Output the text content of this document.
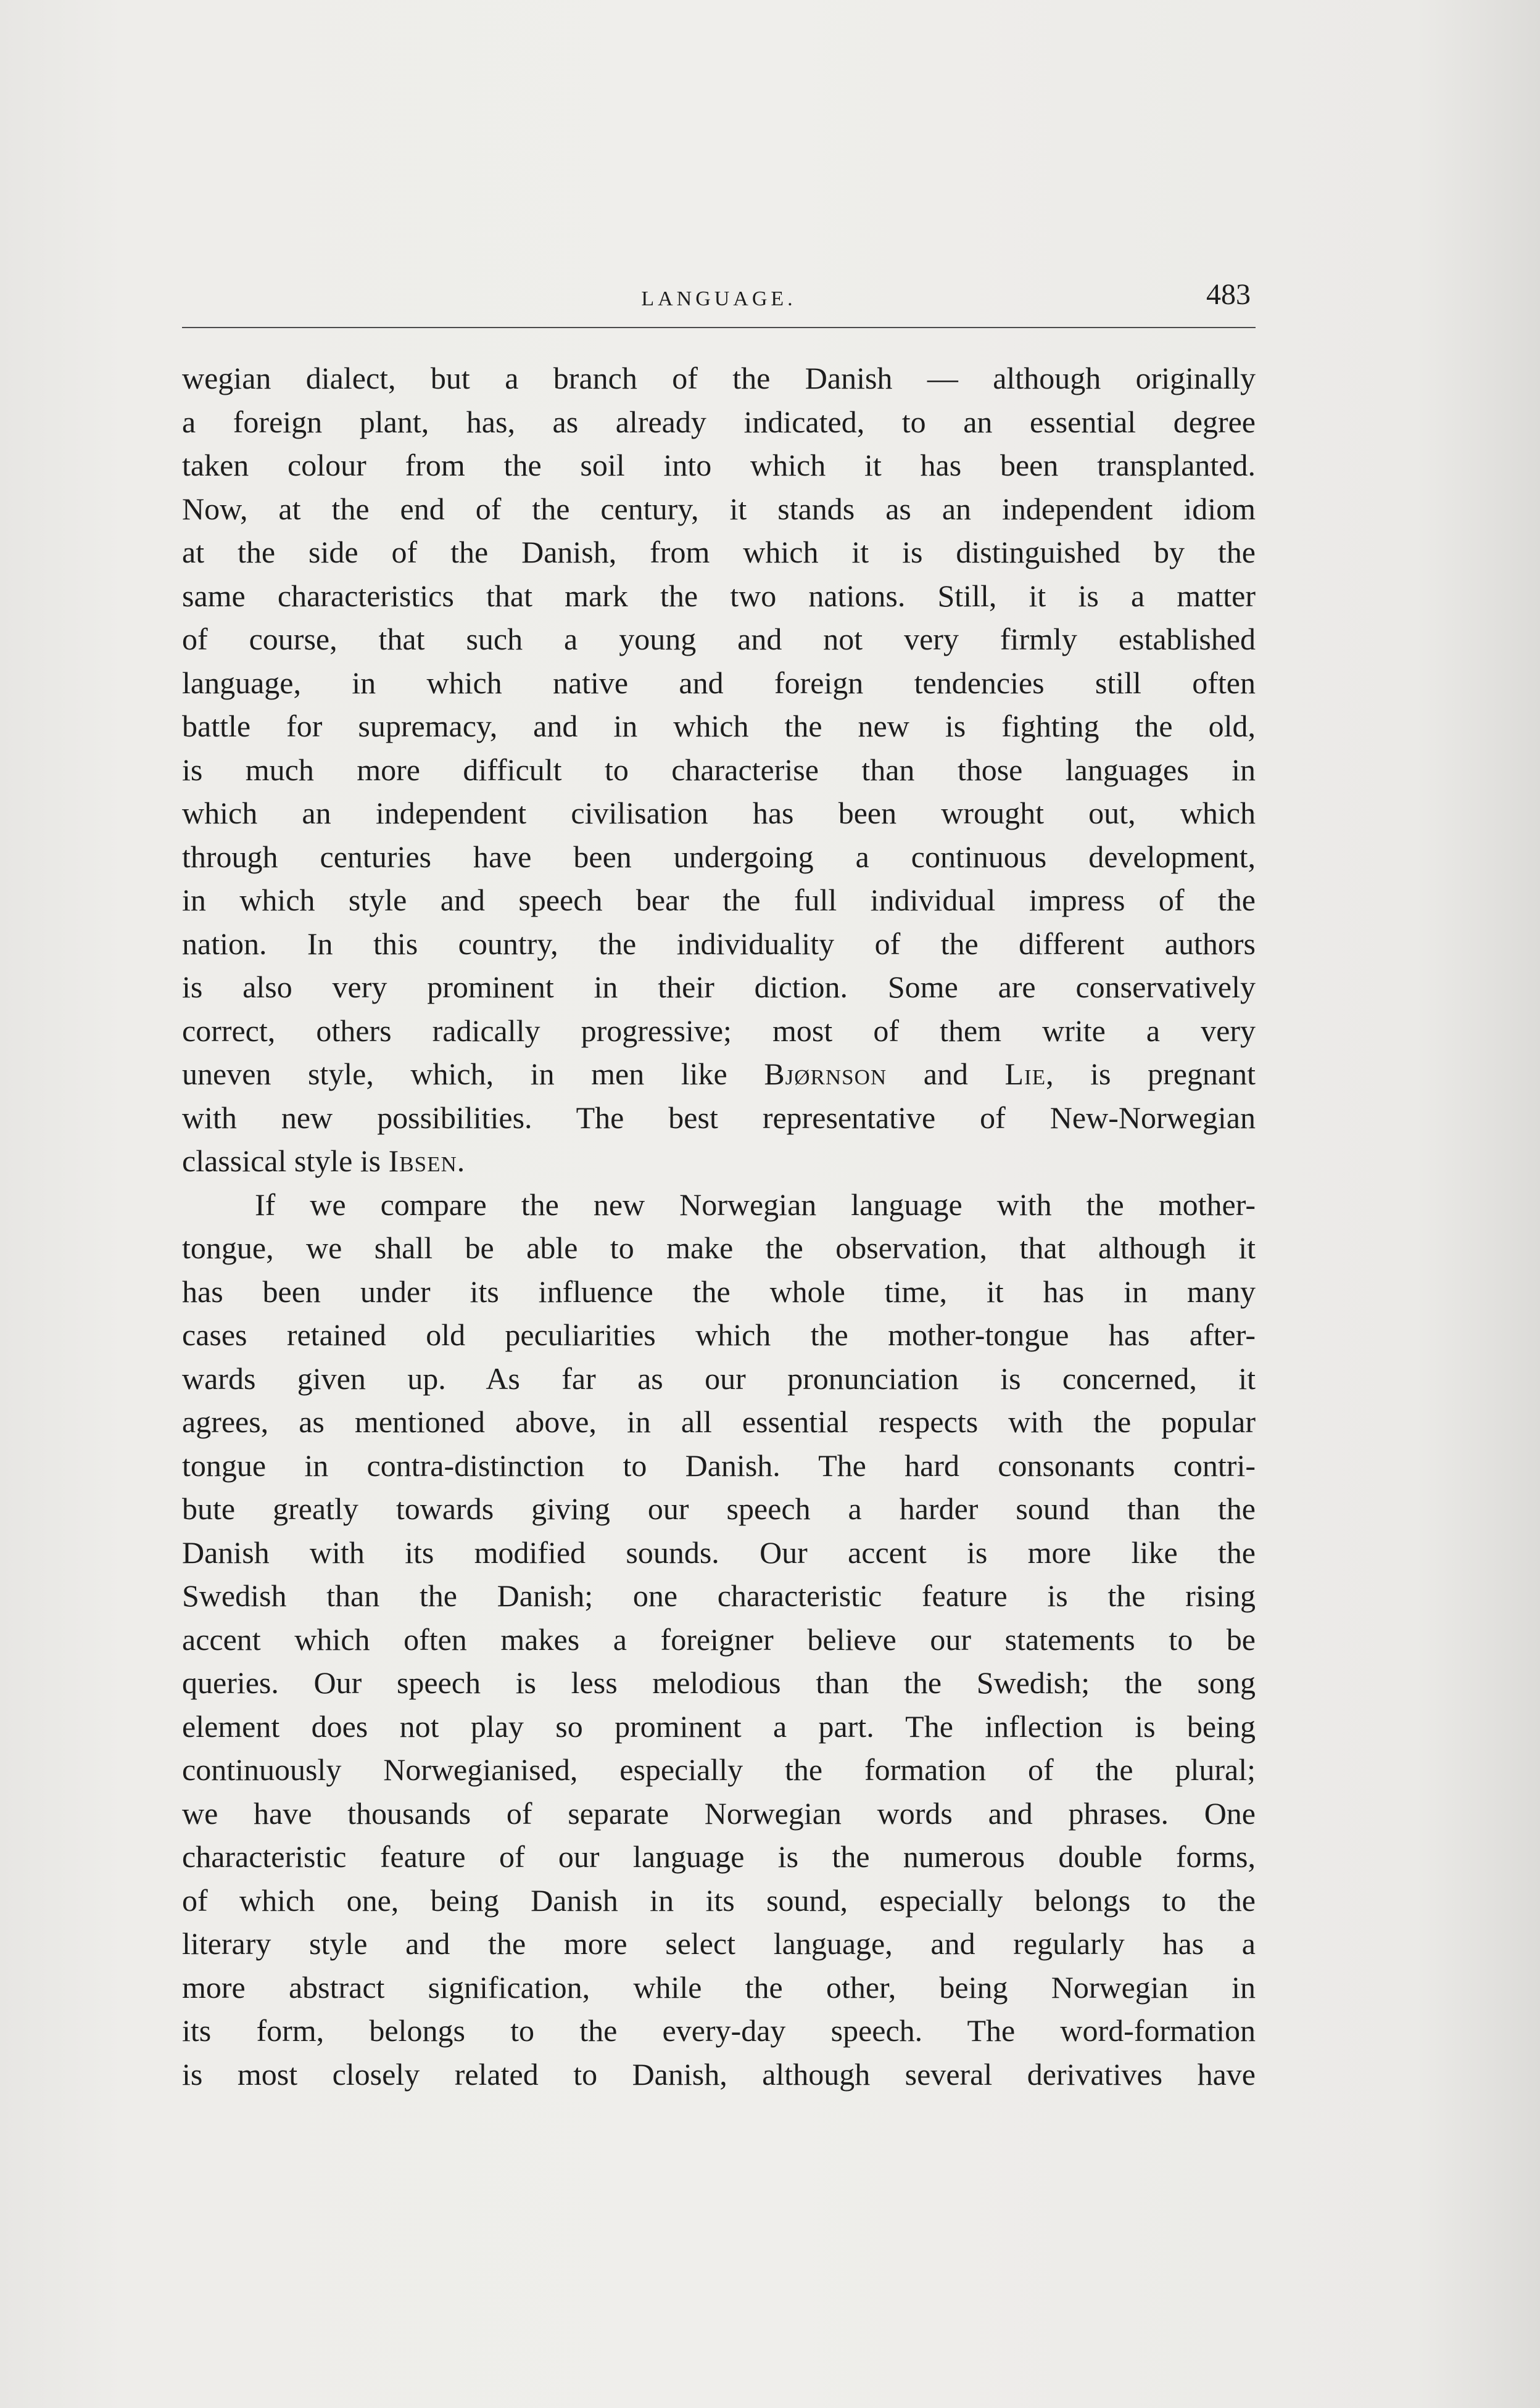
LANGUAGE.	483
wegian dialect, but a branch of the Danish — although originally
a foreign plant, has, as already indicated, to an essential degree
taken colour from the soil into which it has been transplanted.
Now, at the end of the century, it stands as an independent idiom
at the side of the Danish, from which it is distinguished by the
same characteristics that mark the two nations. Still, it is a matter
of course, that such a young and not very firmly established
language, in which native and foreign tendencies still often
battle for supremacy, and in which the new is fighting the old,
is much more difficult to characterise than those languages in
which an independent civilisation has been wrought out, which
through centuries have been undergoing a continuous development,
in which style and speech bear the full individual impress of the
nation. In this country, the individuality of the different authors
is also very prominent in their diction. Some are conservatively
correct, others radically progressive; most of them write a very
uneven style, which, in men like Bjørnson and Lie, is pregnant
with new possibilities. The best representative of New-Norwegian
classical style is Ibsen.
If we compare the new Norwegian language with the mother-
tongue, we shall be able to make the observation, that although it
has been under its influence the whole time, it has in many
cases retained old peculiarities which the mother-tongue has after-
wards given up. As far as our pronunciation is concerned, it
agrees, as mentioned above, in all essential respects with the popular
tongue in contra-distinction to Danish. The hard consonants contri-
bute greatly towards giving our speech a harder sound than the
Danish with its modified sounds. Our accent is more like the
Swedish than the Danish; one characteristic feature is the rising
accent which often makes a foreigner believe our statements to be
queries. Our speech is less melodious than the Swedish; the song
element does not play so prominent a part. The inflection is being
continuously Norwegianised, especially the formation of the plural;
we have thousands of separate Norwegian words and phrases. One
characteristic feature of our language is the numerous double forms,
of which one, being Danish in its sound, especially belongs to the
literary style and the more select language, and regularly has a
more abstract signification, while the other, being Norwegian in
its form, belongs to the every-day speech. The word-formation
is most closely related to Danish, although several derivatives have
